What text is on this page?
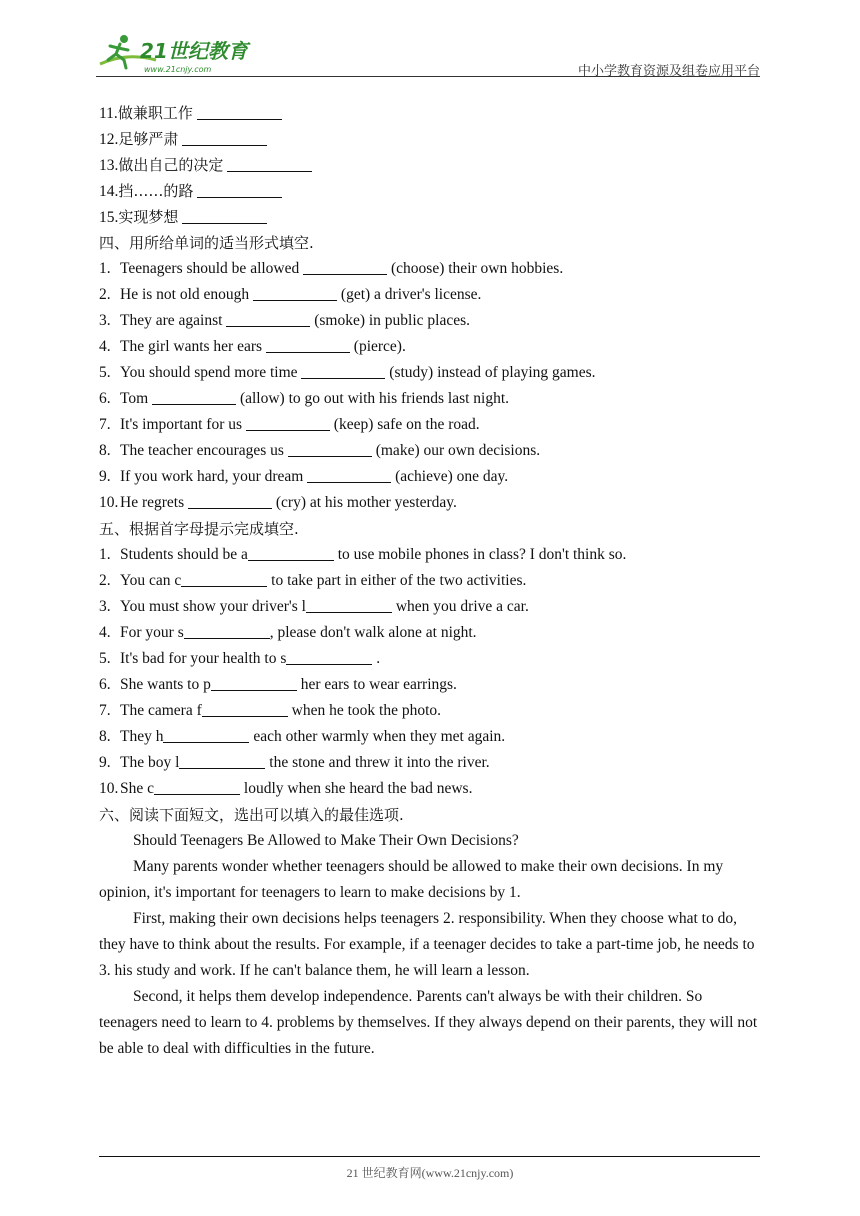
21世纪教育
www.21cnjy.com	中小学教育资源及组卷应用平台
11.做兼职工作
12.足够严肃
13.做出自己的决定
14.挡……的路
15.实现梦想
四、用所给单词的适当形式填空.
1. Teenagers should be allowed	(choose) their own hobbies.
2. He is not old enough	(get) a driver's license.
3. They are against	(smoke) in public places.
4. The girl wants her ears	(pierce).
5. You should spend more time	(study) instead of playing games.
6. Tom	(allow) to go out with his friends last night.
7. It's important for us	(keep) safe on the road.
8. The teacher encourages us	(make) our own decisions.
9. If you work hard, your dream	(achieve) one day.
10. He regrets	(cry) at his mother yesterday.
五、根据首字母提示完成填空.
1. Students should be a	to use mobile phones in class? I don't think so.
2. You can c	to take part in either of the two activities.
3. You must show your driver's l	when you drive a car.
4. For your s	, please don't walk alone at night.
5. It's bad for your health to s	.
6. She wants to p	her ears to wear earrings.
7. The camera f	when he took the photo.
8. They h	each other warmly when they met again.
9. The boy l	the stone and threw it into the river.
10. She c	loudly when she heard the bad news.
六、阅读下面短文，选出可以填入的最佳选项.
Should Teenagers Be Allowed to Make Their Own Decisions?
Many parents wonder whether teenagers should be allowed to make their own decisions. In my opinion, it's important for teenagers to learn to make decisions by 1.
First, making their own decisions helps teenagers 2. responsibility. When they choose what to do, they have to think about the results. For example, if a teenager decides to take a part-time job, he needs to 3. his study and work. If he can't balance them, he will learn a lesson.
Second, it helps them develop independence. Parents can't always be with their children. So teenagers need to learn to 4. problems by themselves. If they always depend on their parents, they will not be able to deal with difficulties in the future.
21 世纪教育网(www.21cnjy.com)
